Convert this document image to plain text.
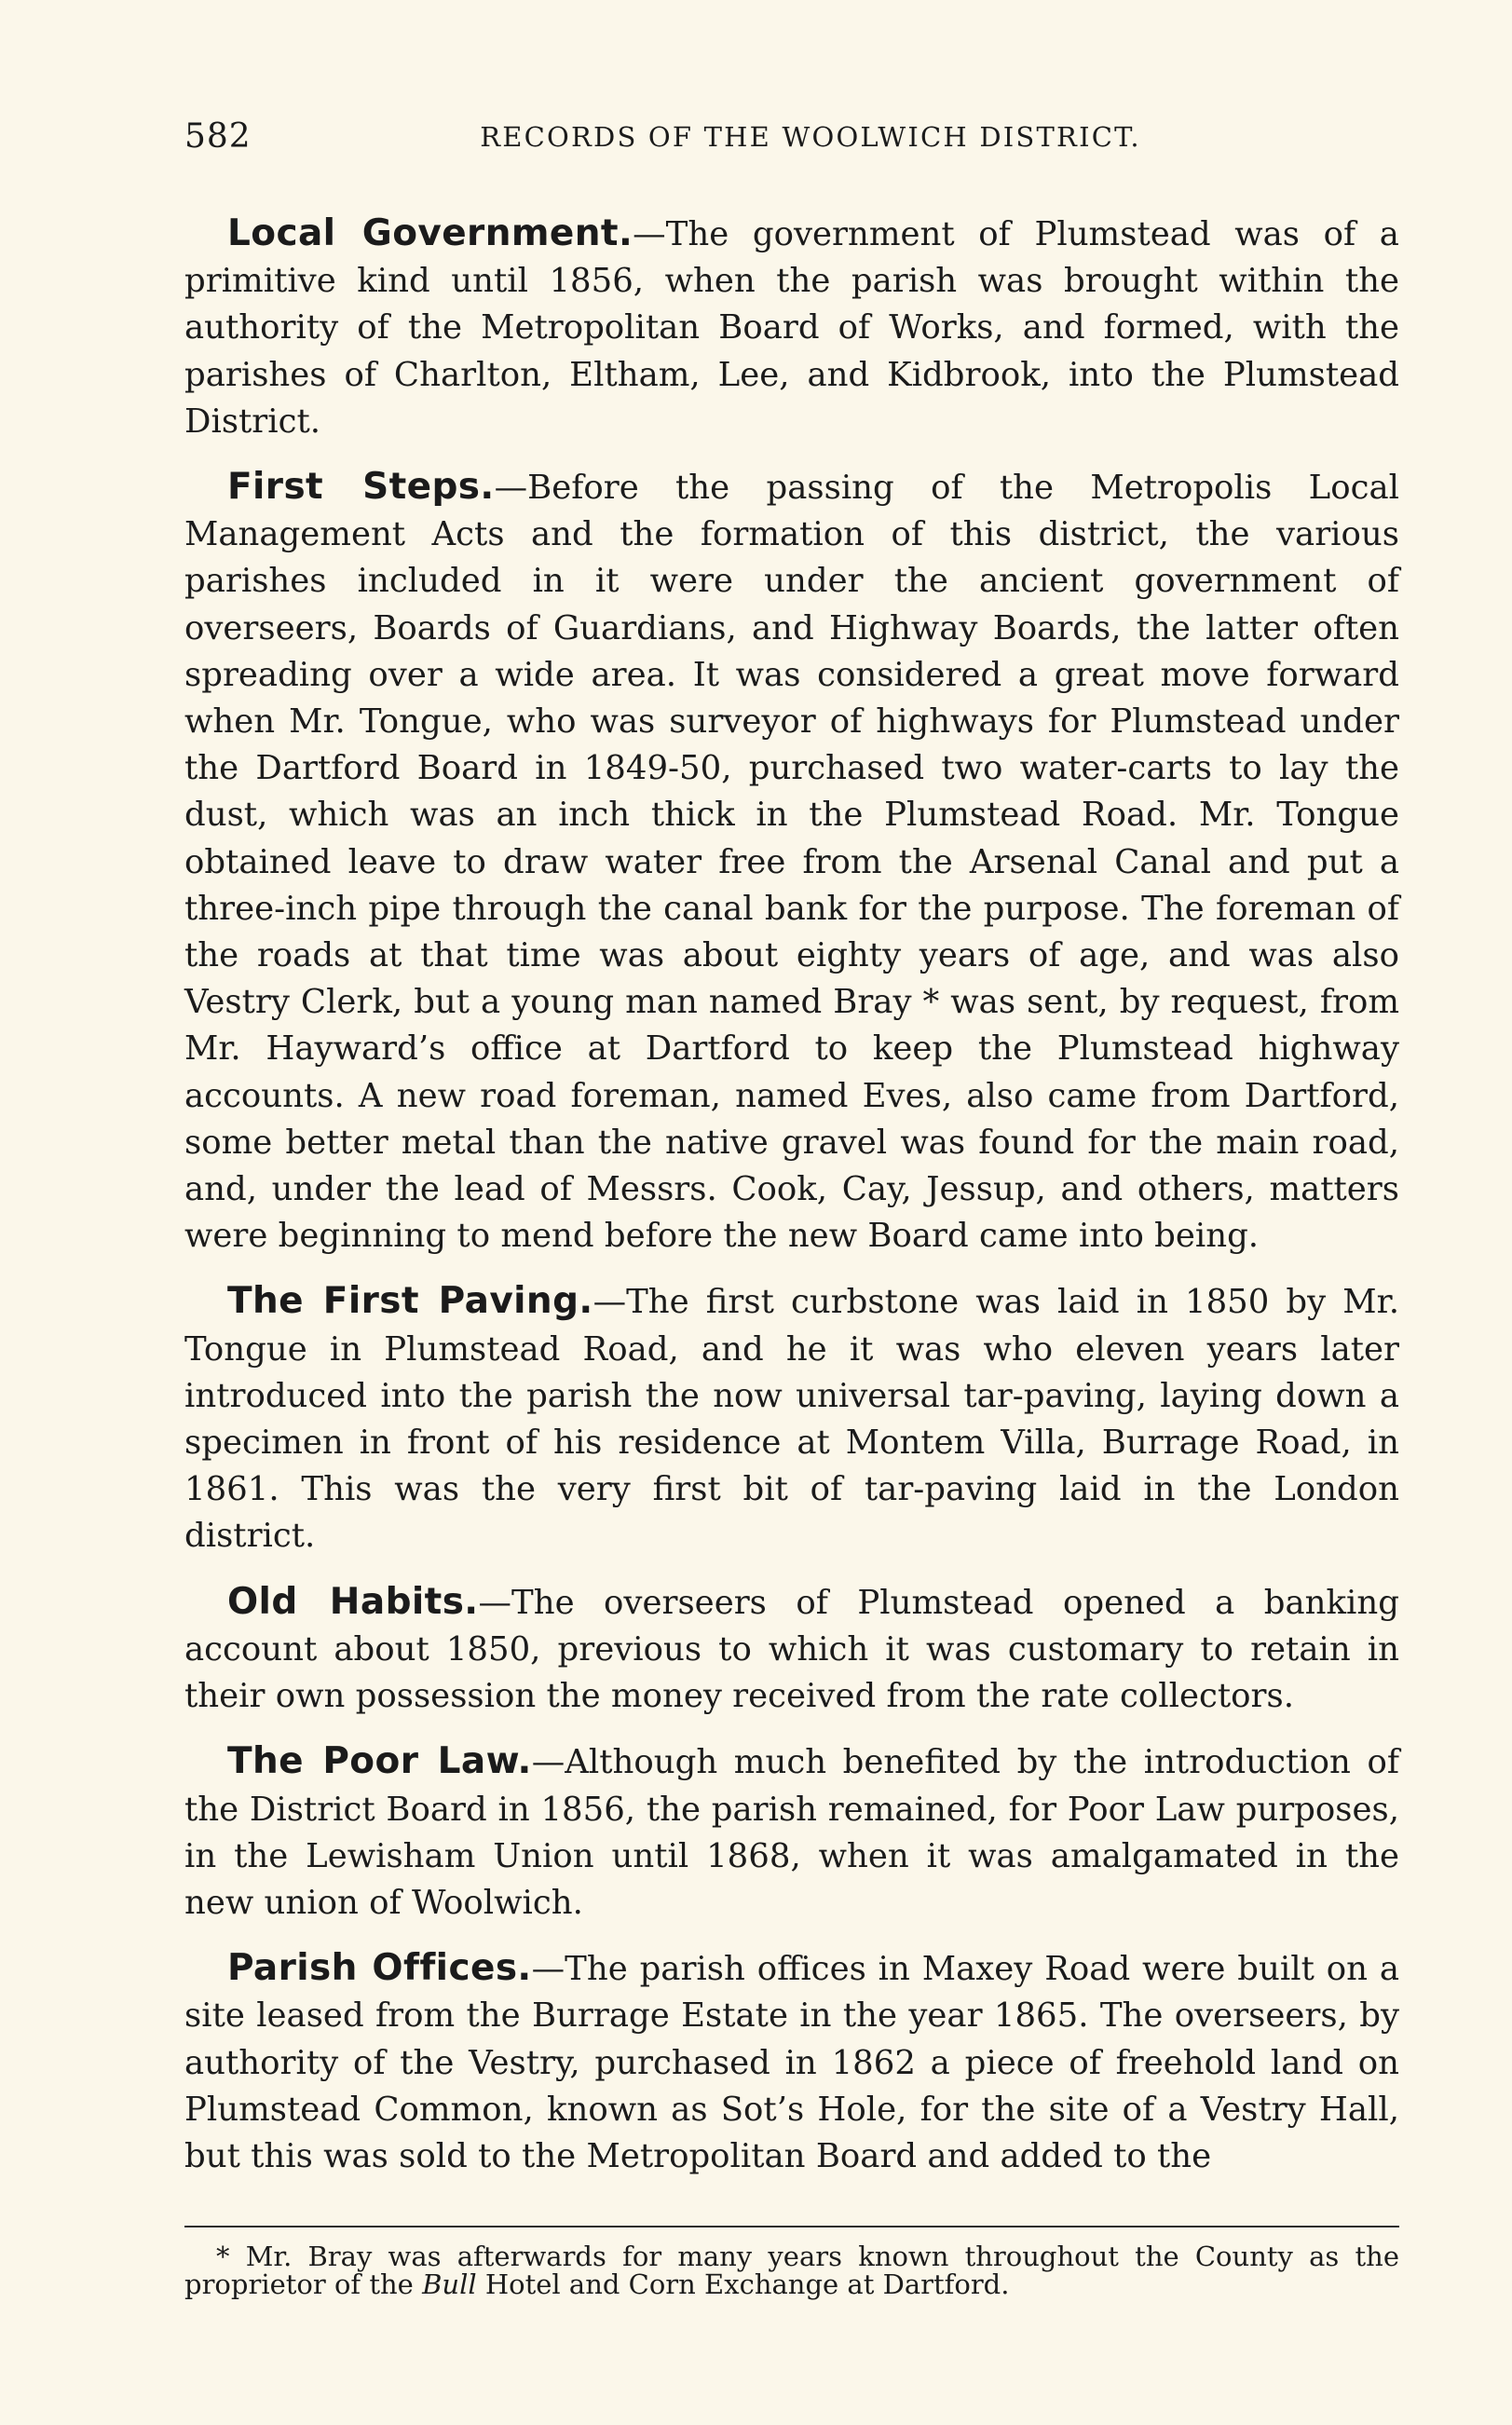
582	RECORDS OF THE WOOLWICH DISTRICT.

Local Government.—The government of Plumstead was of a primitive kind until 1856, when the parish was brought within the authority of the Metropolitan Board of Works, and formed, with the parishes of Charlton, Eltham, Lee, and Kidbrook, into the Plumstead District.

First Steps.—Before the passing of the Metropolis Local Management Acts and the formation of this district, the various parishes included in it were under the ancient government of overseers, Boards of Guardians, and Highway Boards, the latter often spreading over a wide area. It was considered a great move forward when Mr. Tongue, who was surveyor of highways for Plumstead under the Dartford Board in 1849-50, purchased two water-carts to lay the dust, which was an inch thick in the Plumstead Road. Mr. Tongue obtained leave to draw water free from the Arsenal Canal and put a three-inch pipe through the canal bank for the purpose. The foreman of the roads at that time was about eighty years of age, and was also Vestry Clerk, but a young man named Bray * was sent, by request, from Mr. Hayward’s office at Dartford to keep the Plumstead highway accounts. A new road foreman, named Eves, also came from Dartford, some better metal than the native gravel was found for the main road, and, under the lead of Messrs. Cook, Cay, Jessup, and others, matters were beginning to mend before the new Board came into being.

The First Paving.—The first curbstone was laid in 1850 by Mr. Tongue in Plumstead Road, and he it was who eleven years later introduced into the parish the now universal tar-paving, laying down a specimen in front of his residence at Montem Villa, Burrage Road, in 1861. This was the very first bit of tar-paving laid in the London district.

Old Habits.—The overseers of Plumstead opened a banking account about 1850, previous to which it was customary to retain in their own possession the money received from the rate collectors.

The Poor Law.—Although much benefited by the introduction of the District Board in 1856, the parish remained, for Poor Law purposes, in the Lewisham Union until 1868, when it was amalgamated in the new union of Woolwich.

Parish Offices.—The parish offices in Maxey Road were built on a site leased from the Burrage Estate in the year 1865. The overseers, by authority of the Vestry, purchased in 1862 a piece of freehold land on Plumstead Common, known as Sot’s Hole, for the site of a Vestry Hall, but this was sold to the Metropolitan Board and added to the

* Mr. Bray was afterwards for many years known throughout the County as the proprietor of the Bull Hotel and Corn Exchange at Dartford.
